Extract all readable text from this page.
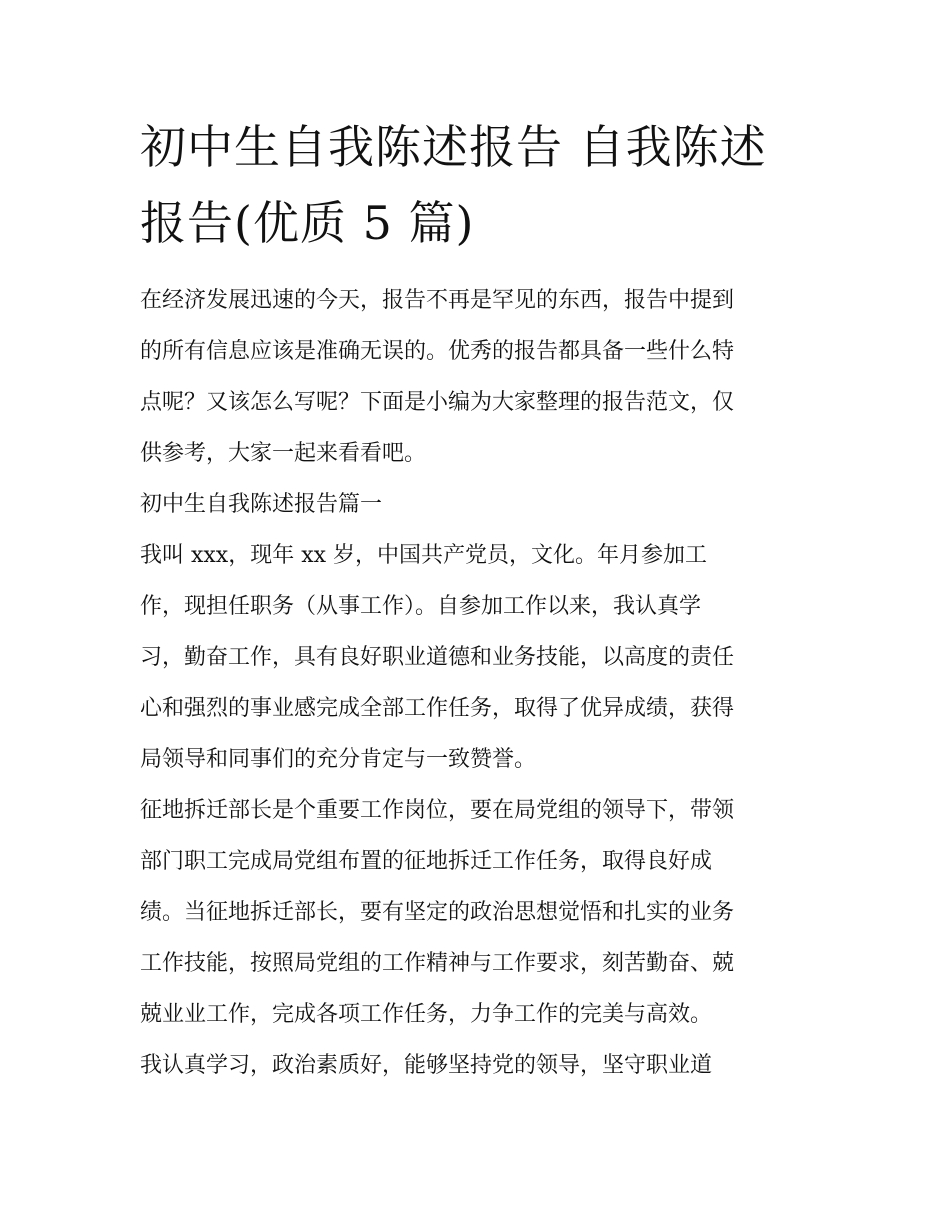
初中生自我陈述报告 自我陈述
报告(优质 5 篇)
在经济发展迅速的今天，报告不再是罕见的东西，报告中提到
的所有信息应该是准确无误的。优秀的报告都具备一些什么特
点呢？又该怎么写呢？下面是小编为大家整理的报告范文，仅
供参考，大家一起来看看吧。
初中生自我陈述报告篇一
我叫 xxx，现年 xx 岁，中国共产党员，文化。年月参加工
作，现担任职务（从事工作）。自参加工作以来，我认真学
习，勤奋工作，具有良好职业道德和业务技能，以高度的责任
心和强烈的事业感完成全部工作任务，取得了优异成绩，获得
局领导和同事们的充分肯定与一致赞誉。
征地拆迁部长是个重要工作岗位，要在局党组的领导下，带领
部门职工完成局党组布置的征地拆迁工作任务，取得良好成
绩。当征地拆迁部长，要有坚定的政治思想觉悟和扎实的业务
工作技能，按照局党组的工作精神与工作要求，刻苦勤奋、兢
兢业业工作，完成各项工作任务，力争工作的完美与高效。
我认真学习，政治素质好，能够坚持党的领导，坚守职业道
